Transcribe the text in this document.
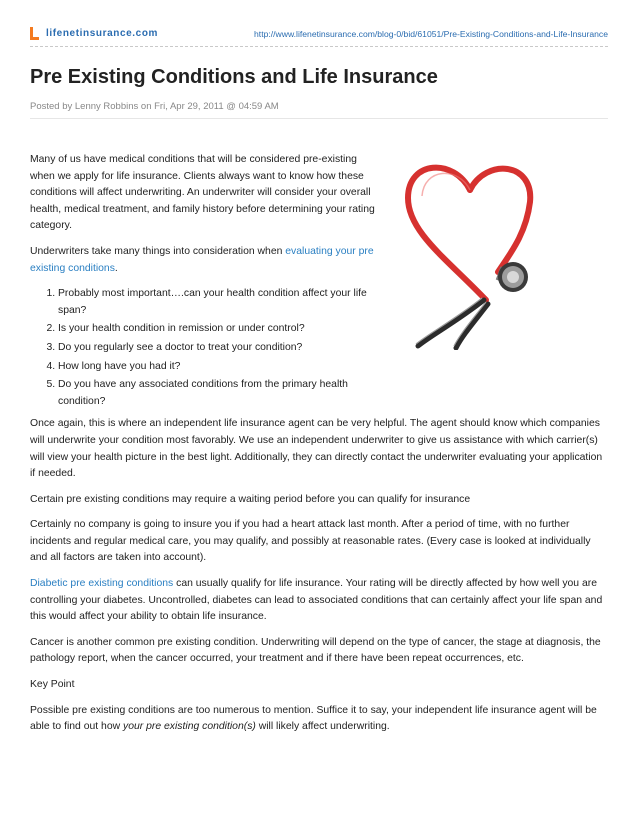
lifenetinsurance.com	http://www.lifenetinsurance.com/blog-0/bid/61051/Pre-Existing-Conditions-and-Life-Insurance
Pre Existing Conditions and Life Insurance
Posted by Lenny Robbins on Fri, Apr 29, 2011 @ 04:59 AM

Many of us have medical conditions that will be considered pre-existing when we apply for life insurance. Clients always want to know how these conditions will affect underwriting. An underwriter will consider your overall health, medical treatment, and family history before determining your rating category.

Underwriters take many things into consideration when evaluating your pre existing conditions.

1. Probably most important….can your health condition affect your life span?
2. Is your health condition in remission or under control?
3. Do you regularly see a doctor to treat your condition?
4. How long have you had it?
5. Do you have any associated conditions from the primary health condition?

Once again, this is where an independent life insurance agent can be very helpful. The agent should know which companies will underwrite your condition most favorably. We use an independent underwriter to give us assistance with which carrier(s) will view your health picture in the best light. Additionally, they can directly contact the underwriter evaluating your application if needed.

Certain pre existing conditions may require a waiting period before you can qualify for insurance

Certainly no company is going to insure you if you had a heart attack last month. After a period of time, with no further incidents and regular medical care, you may qualify, and possibly at reasonable rates. (Every case is looked at individually and all factors are taken into account).

Diabetic pre existing conditions can usually qualify for life insurance. Your rating will be directly affected by how well you are controlling your diabetes. Uncontrolled, diabetes can lead to associated conditions that can certainly affect your life span and this would affect your ability to obtain life insurance.

Cancer is another common pre existing condition. Underwriting will depend on the type of cancer, the stage at diagnosis, the pathology report, when the cancer occurred, your treatment and if there have been repeat occurrences, etc.

Key Point

Possible pre existing conditions are too numerous to mention. Suffice it to say, your independent life insurance agent will be able to find out how your pre existing condition(s) will likely affect underwriting.
